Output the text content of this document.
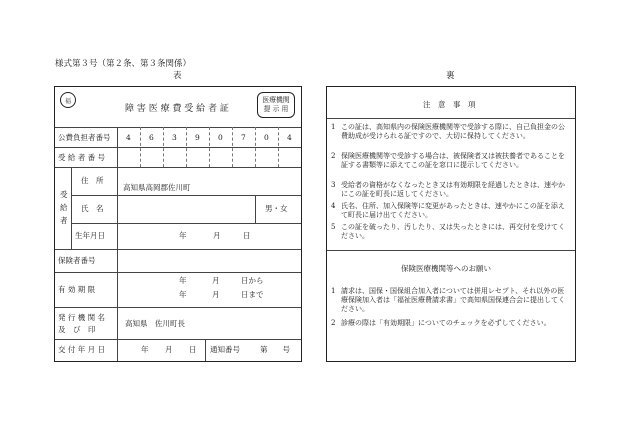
様式第３号（第２条、第３条関係）
表	裏
福
障 害 医 療 費 受 給 者 証
医療機関
提 示 用
公費負担者番号 4 6 3 9 0 7 0 4
受 給 者 番 号
受
給
者
住　所
高知県高岡郡佐川町
氏　名	男・女
生年月日	年	月	日
保険者番号
有 効 期 限
年	月	日から
年	月	日まで
発 行 機 関 名
及　び　印
高知県　佐川町長
交 付 年 月 日	年 月 日 通知番号	第　　号
注　意　事　項
1 この証は、高知県内の保険医療機関等で受診する際に、自己負担金の公費助成が受けられる証ですので、大切に保持してください。
2 保険医療機関等で受診する場合は、被保険者又は被扶養者であることを証する書類等に添えてこの証を窓口に提示してください。
3 受給者の資格がなくなったとき又は有効期限を経過したときは、速やかにこの証を町長に返してください。
4 氏名、住所、加入保険等に変更があったときは、速やかにこの証を添えて町長に届け出てください。
5 この証を破ったり、汚したり、又は失ったときには、再交付を受けてください。
保険医療機関等へのお願い
1 請求は、国保・国保組合加入者については併用レセプト、それ以外の医療保険加入者は「福祉医療費請求書」で高知県国保連合会に提出してください。
2 診療の際は「有効期限」についてのチェックを必ずしてください。
